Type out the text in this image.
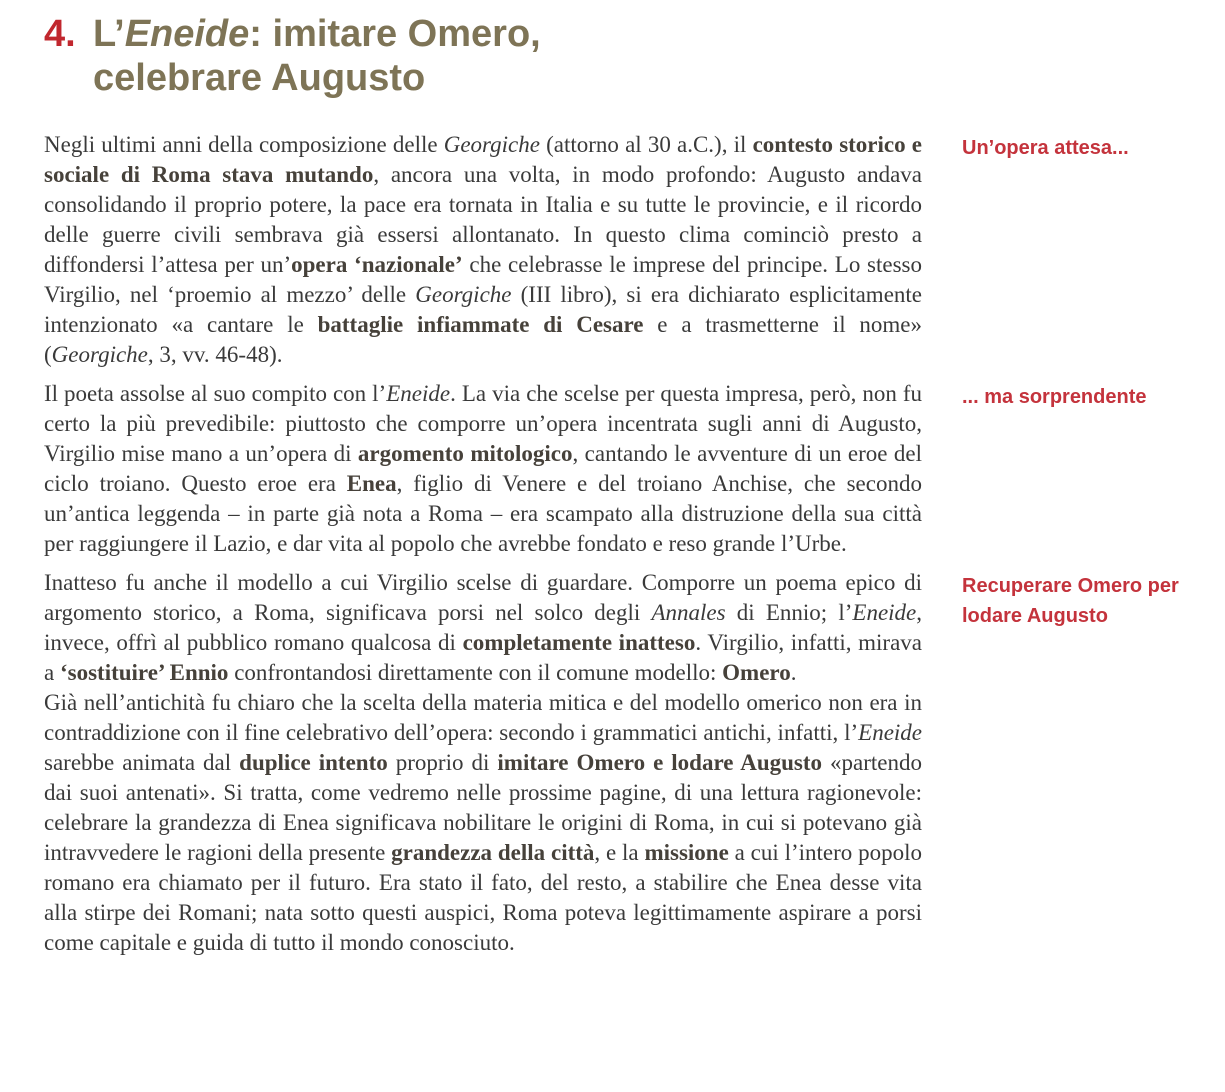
4. L’Eneide: imitare Omero,
celebrare Augusto
Negli ultimi anni della composizione delle Georgiche (attorno al 30 a.C.), il contesto storico e sociale di Roma stava mutando, ancora una volta, in modo profondo: Augusto andava consolidando il proprio potere, la pace era tornata in Italia e su tutte le provincie, e il ricordo delle guerre civili sembrava già essersi allontanato. In questo clima cominciò presto a diffondersi l’attesa per un’opera ‘nazionale’ che celebrasse le imprese del principe. Lo stesso Virgilio, nel ‘proemio al mezzo’ delle Georgiche (III libro), si era dichiarato esplicitamente intenzionato «a cantare le battaglie infiammate di Cesare e a trasmetterne il nome» (Georgiche, 3, vv. 46-48).
Un’opera attesa...
Il poeta assolse al suo compito con l’Eneide. La via che scelse per questa impresa, però, non fu certo la più prevedibile: piuttosto che comporre un’opera incentrata sugli anni di Augusto, Virgilio mise mano a un’opera di argomento mitologico, cantando le avventure di un eroe del ciclo troiano. Questo eroe era Enea, figlio di Venere e del troiano Anchise, che secondo un’antica leggenda – in parte già nota a Roma – era scampato alla distruzione della sua città per raggiungere il Lazio, e dar vita al popolo che avrebbe fondato e reso grande l’Urbe.
... ma sorprendente
Inatteso fu anche il modello a cui Virgilio scelse di guardare. Comporre un poema epico di argomento storico, a Roma, significava porsi nel solco degli Annales di Ennio; l’Eneide, invece, offrì al pubblico romano qualcosa di completamente inatteso. Virgilio, infatti, mirava a ‘sostituire’ Ennio confrontandosi direttamente con il comune modello: Omero.
Recuperare Omero per lodare Augusto
Già nell’antichità fu chiaro che la scelta della materia mitica e del modello omerico non era in contraddizione con il fine celebrativo dell’opera: secondo i grammatici antichi, infatti, l’Eneide sarebbe animata dal duplice intento proprio di imitare Omero e lodare Augusto «partendo dai suoi antenati». Si tratta, come vedremo nelle prossime pagine, di una lettura ragionevole: celebrare la grandezza di Enea significava nobilitare le origini di Roma, in cui si potevano già intravvedere le ragioni della presente grandezza della città, e la missione a cui l’intero popolo romano era chiamato per il futuro. Era stato il fato, del resto, a stabilire che Enea desse vita alla stirpe dei Romani; nata sotto questi auspici, Roma poteva legittimamente aspirare a porsi come capitale e guida di tutto il mondo conosciuto.
